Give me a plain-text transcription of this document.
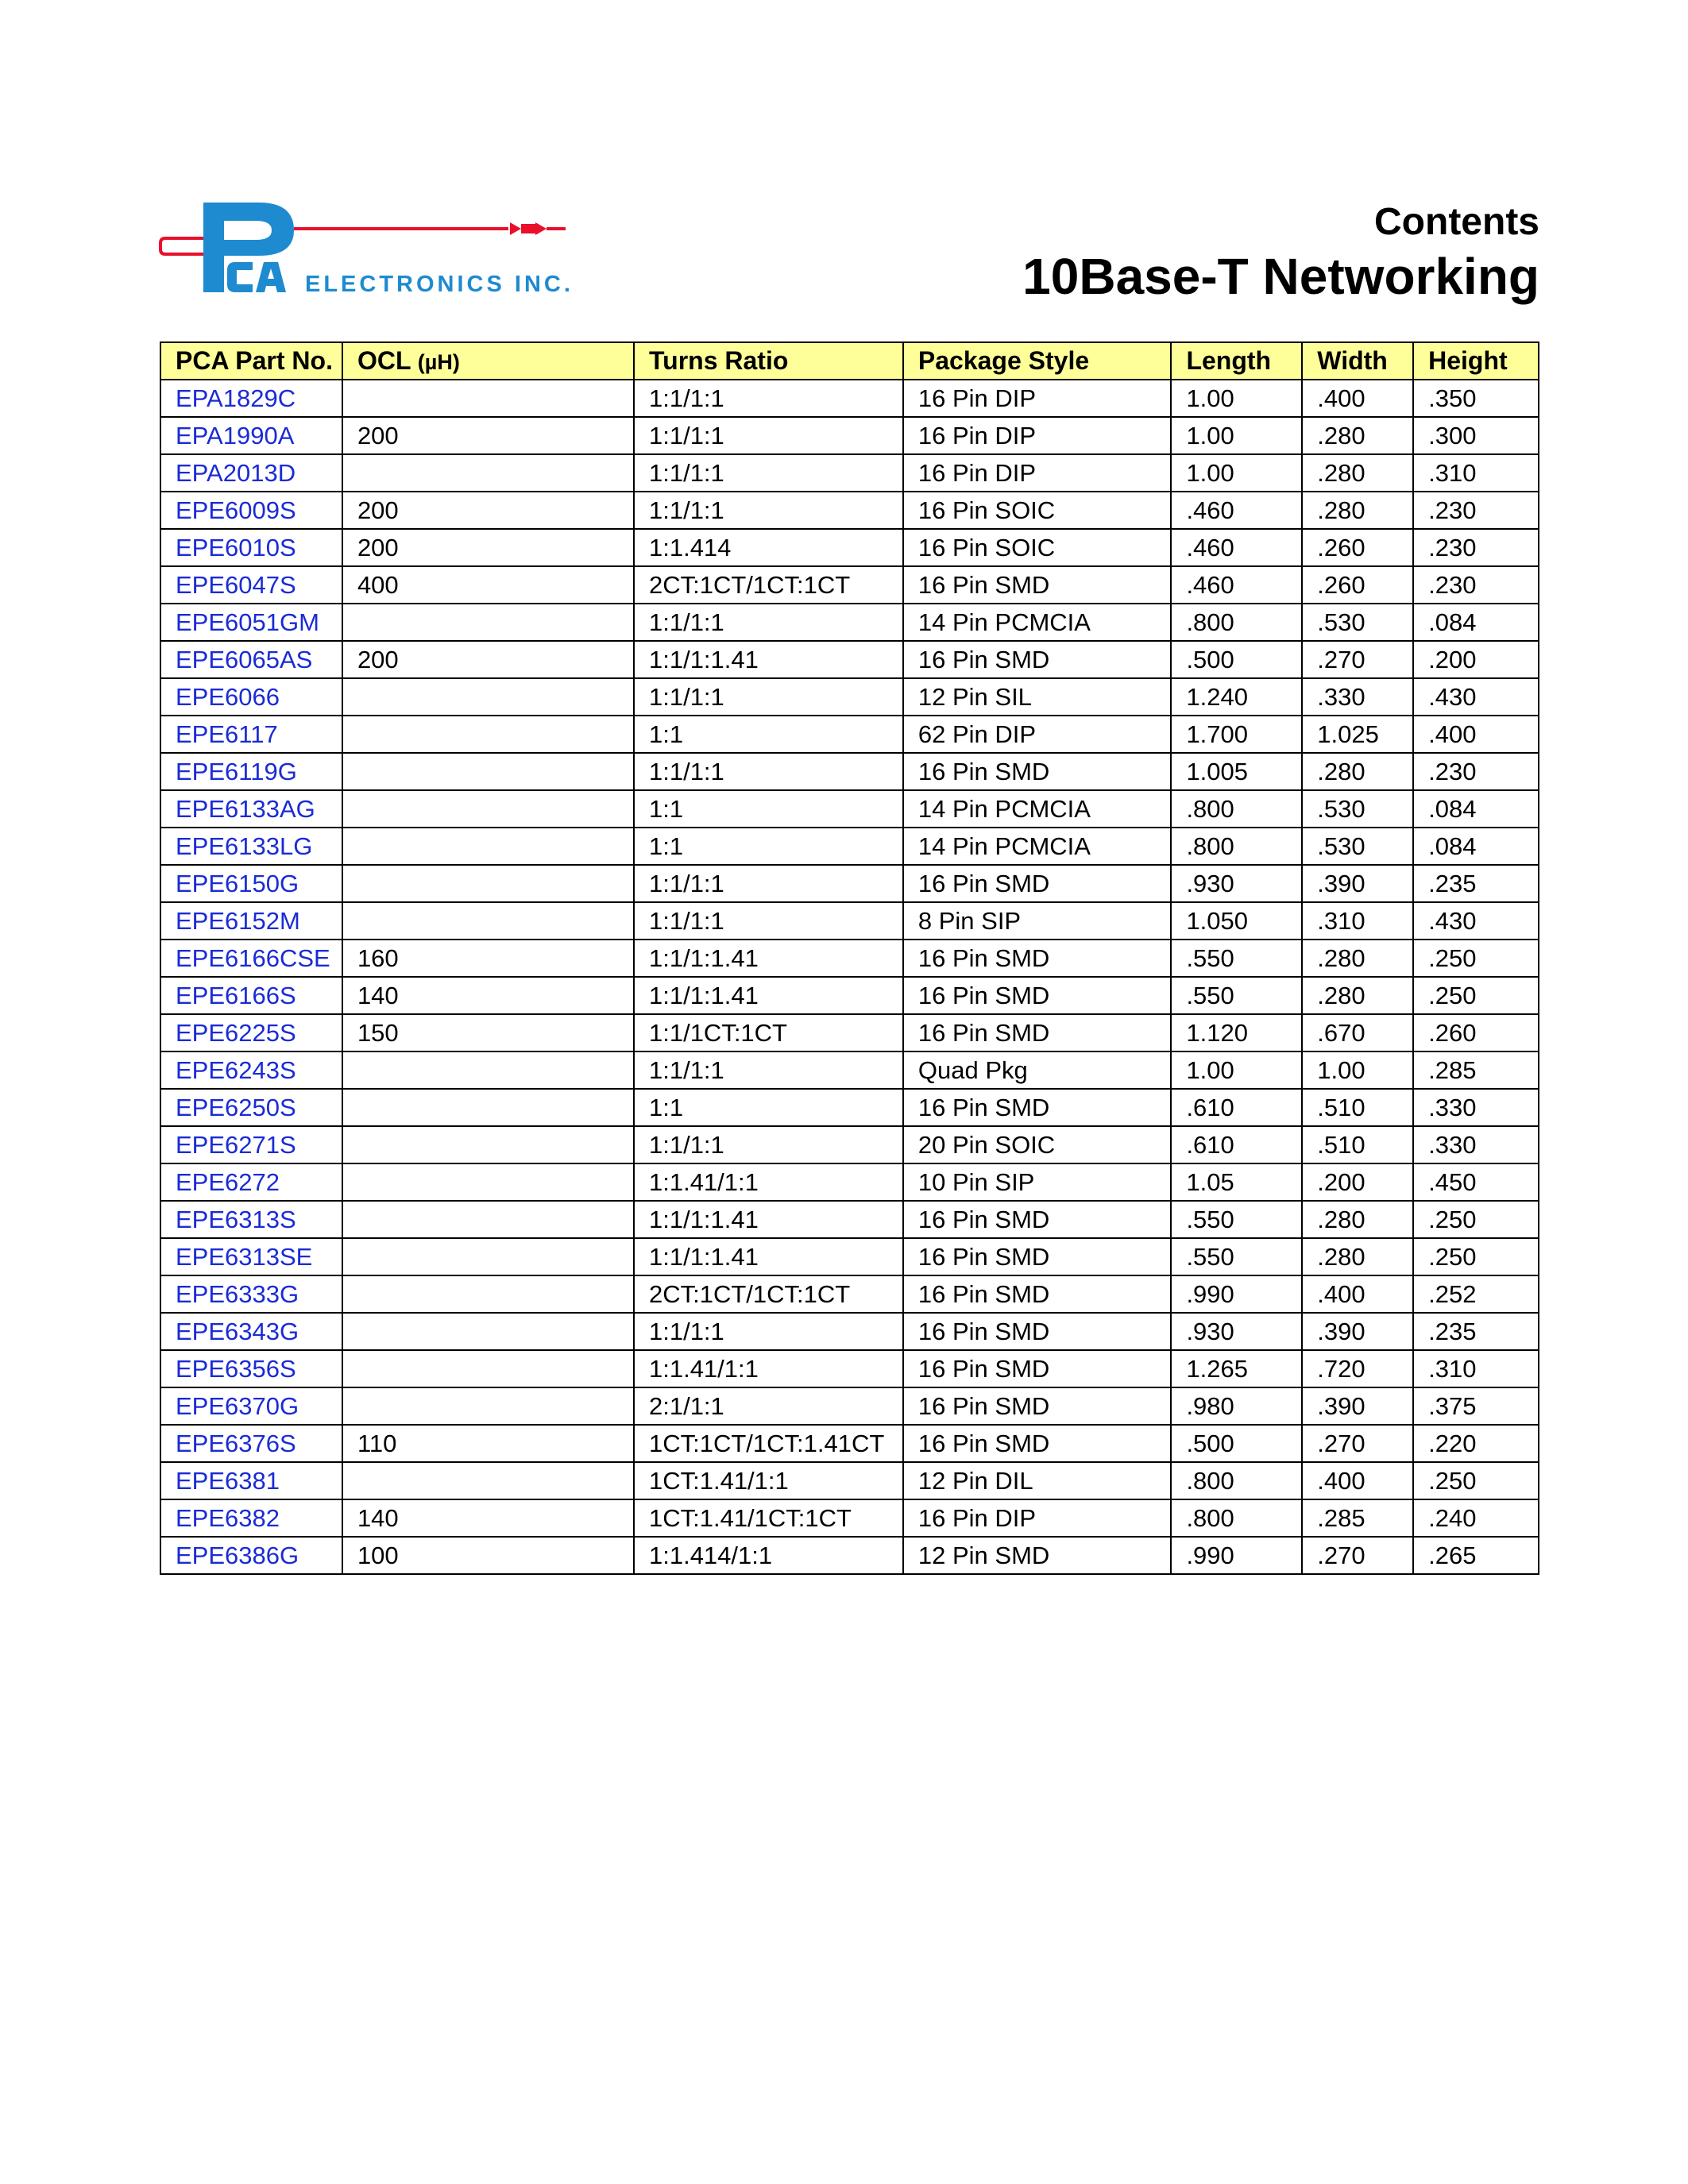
ELECTRONICS INC.
Contents
10Base-T Networking
PCA Part No.	OCL (µH)	Turns Ratio	Package Style	Length	Width	Height
EPA1829C		1:1/1:1	16 Pin DIP	1.00	.400	.350
EPA1990A	200	1:1/1:1	16 Pin DIP	1.00	.280	.300
EPA2013D		1:1/1:1	16 Pin DIP	1.00	.280	.310
EPE6009S	200	1:1/1:1	16 Pin SOIC	.460	.280	.230
EPE6010S	200	1:1.414	16 Pin SOIC	.460	.260	.230
EPE6047S	400	2CT:1CT/1CT:1CT	16 Pin SMD	.460	.260	.230
EPE6051GM		1:1/1:1	14 Pin PCMCIA	.800	.530	.084
EPE6065AS	200	1:1/1:1.41	16 Pin SMD	.500	.270	.200
EPE6066		1:1/1:1	12 Pin SIL	1.240	.330	.430
EPE6117		1:1	62 Pin DIP	1.700	1.025	.400
EPE6119G		1:1/1:1	16 Pin SMD	1.005	.280	.230
EPE6133AG		1:1	14 Pin PCMCIA	.800	.530	.084
EPE6133LG		1:1	14 Pin PCMCIA	.800	.530	.084
EPE6150G		1:1/1:1	16 Pin SMD	.930	.390	.235
EPE6152M		1:1/1:1	8 Pin SIP	1.050	.310	.430
EPE6166CSE	160	1:1/1:1.41	16 Pin SMD	.550	.280	.250
EPE6166S	140	1:1/1:1.41	16 Pin SMD	.550	.280	.250
EPE6225S	150	1:1/1CT:1CT	16 Pin SMD	1.120	.670	.260
EPE6243S		1:1/1:1	Quad Pkg	1.00	1.00	.285
EPE6250S		1:1	16 Pin SMD	.610	.510	.330
EPE6271S		1:1/1:1	20 Pin SOIC	.610	.510	.330
EPE6272		1:1.41/1:1	10 Pin SIP	1.05	.200	.450
EPE6313S		1:1/1:1.41	16 Pin SMD	.550	.280	.250
EPE6313SE		1:1/1:1.41	16 Pin SMD	.550	.280	.250
EPE6333G		2CT:1CT/1CT:1CT	16 Pin SMD	.990	.400	.252
EPE6343G		1:1/1:1	16 Pin SMD	.930	.390	.235
EPE6356S		1:1.41/1:1	16 Pin SMD	1.265	.720	.310
EPE6370G		2:1/1:1	16 Pin SMD	.980	.390	.375
EPE6376S	110	1CT:1CT/1CT:1.41CT	16 Pin SMD	.500	.270	.220
EPE6381		1CT:1.41/1:1	12 Pin DIL	.800	.400	.250
EPE6382	140	1CT:1.41/1CT:1CT	16 Pin DIP	.800	.285	.240
EPE6386G	100	1:1.414/1:1	12 Pin SMD	.990	.270	.265
